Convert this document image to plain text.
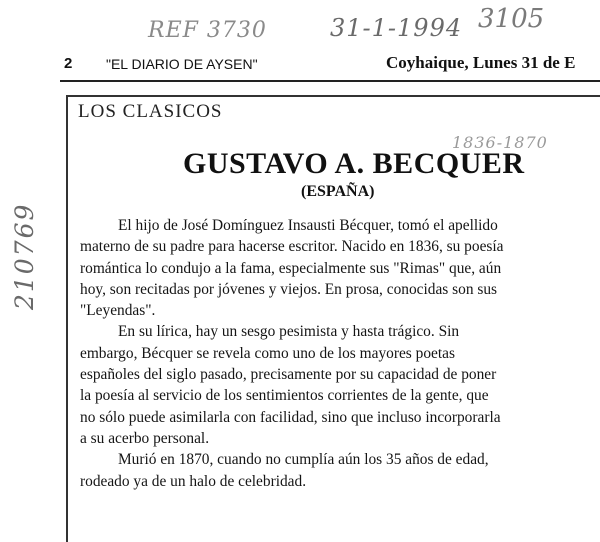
REF 3730	31-1-1994 3105
210769
2 "EL DIARIO DE AYSEN"	Coyhaique, Lunes 31 de E
LOS CLASICOS
GUSTAVO A. BECQUER
(ESPAÑA)
El hijo de José Domínguez Insausti Bécquer, tomó el apellido
materno de su padre para hacerse escritor. Nacido en 1836, su poesía
romántica lo condujo a la fama, especialmente sus "Rimas" que, aún
hoy, son recitadas por jóvenes y viejos. En prosa, conocidas son sus
"Leyendas".
En su lírica, hay un sesgo pesimista y hasta trágico. Sin
embargo, Bécquer se revela como uno de los mayores poetas
españoles del siglo pasado, precisamente por su capacidad de poner
la poesía al servicio de los sentimientos corrientes de la gente, que
no sólo puede asimilarla con facilidad, sino que incluso incorporarla
a su acerbo personal.
Murió en 1870, cuando no cumplía aún los 35 años de edad,
rodeado ya de un halo de celebridad.
1836-1870
